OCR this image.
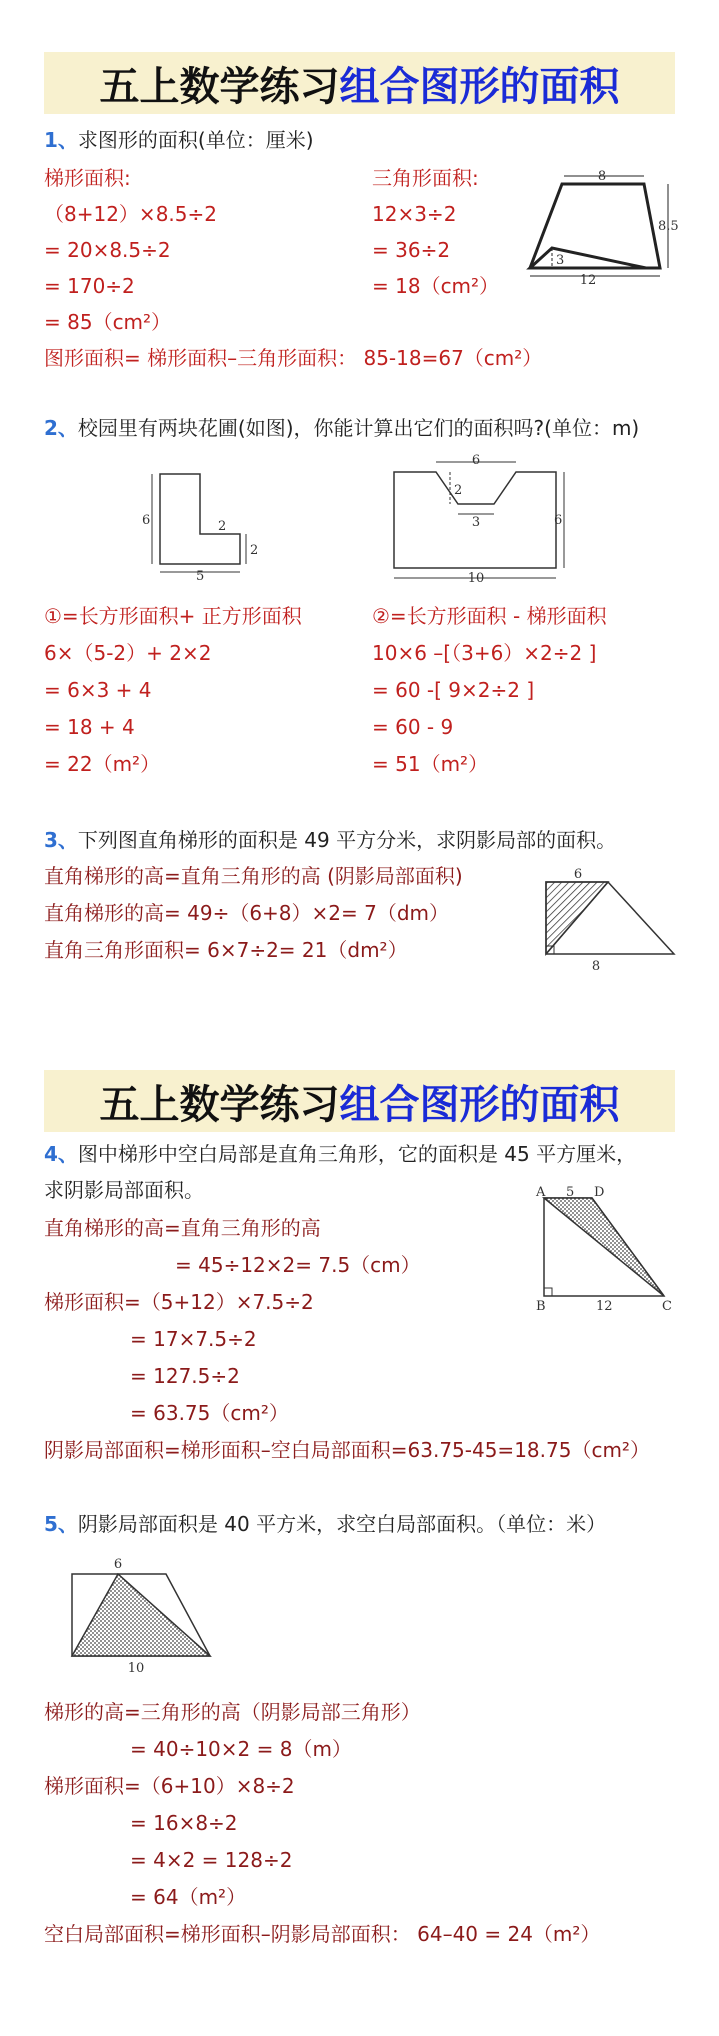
五上数学练习 组合图形的面积
1、求图形的面积(单位：厘米)
梯形面积:
（8+12）×8.5÷2
= 20×8.5÷2
= 170÷2
= 85（cm²）
三角形面积:
12×3÷2
= 36÷2
= 18（cm²）
图形面积= 梯形面积–三角形面积： 85-18=67（cm²）
8
8.5
3
12
2、校园里有两块花圃(如图)，你能计算出它们的面积吗?(单位：m)
6	2
2
5
6
2
3	6
10
①=长方形面积+ 正方形面积
6×（5-2）+ 2×2
= 6×3 + 4
= 18 + 4
= 22（m²）
②=长方形面积 - 梯形面积
10×6 –[（3+6）×2÷2 ]
= 60 -[ 9×2÷2 ]
= 60 - 9
= 51（m²）
3、下列图直角梯形的面积是 49 平方分米，求阴影局部的面积。
直角梯形的高=直角三角形的高 (阴影局部面积)
直角梯形的高= 49÷（6+8）×2= 7（dm）
直角三角形面积= 6×7÷2= 21（dm²）
6
8
五上数学练习 组合图形的面积
4、图中梯形中空白局部是直角三角形，它的面积是 45 平方厘米，
求阴影局部面积。
直角梯形的高=直角三角形的高
= 45÷12×2= 7.5（cm）
梯形面积=（5+12）×7.5÷2
= 17×7.5÷2
= 127.5÷2
= 63.75（cm²）
阴影局部面积=梯形面积–空白局部面积=63.75-45=18.75（cm²）
A 5 D
B	12	C
5、阴影局部面积是 40 平方米，求空白局部面积。（单位：米）
6
10
梯形的高=三角形的高（阴影局部三角形）
= 40÷10×2 = 8（m）
梯形面积=（6+10）×8÷2
= 16×8÷2
= 4×2 = 128÷2
= 64（m²）
空白局部面积=梯形面积–阴影局部面积： 64–40 = 24（m²）
